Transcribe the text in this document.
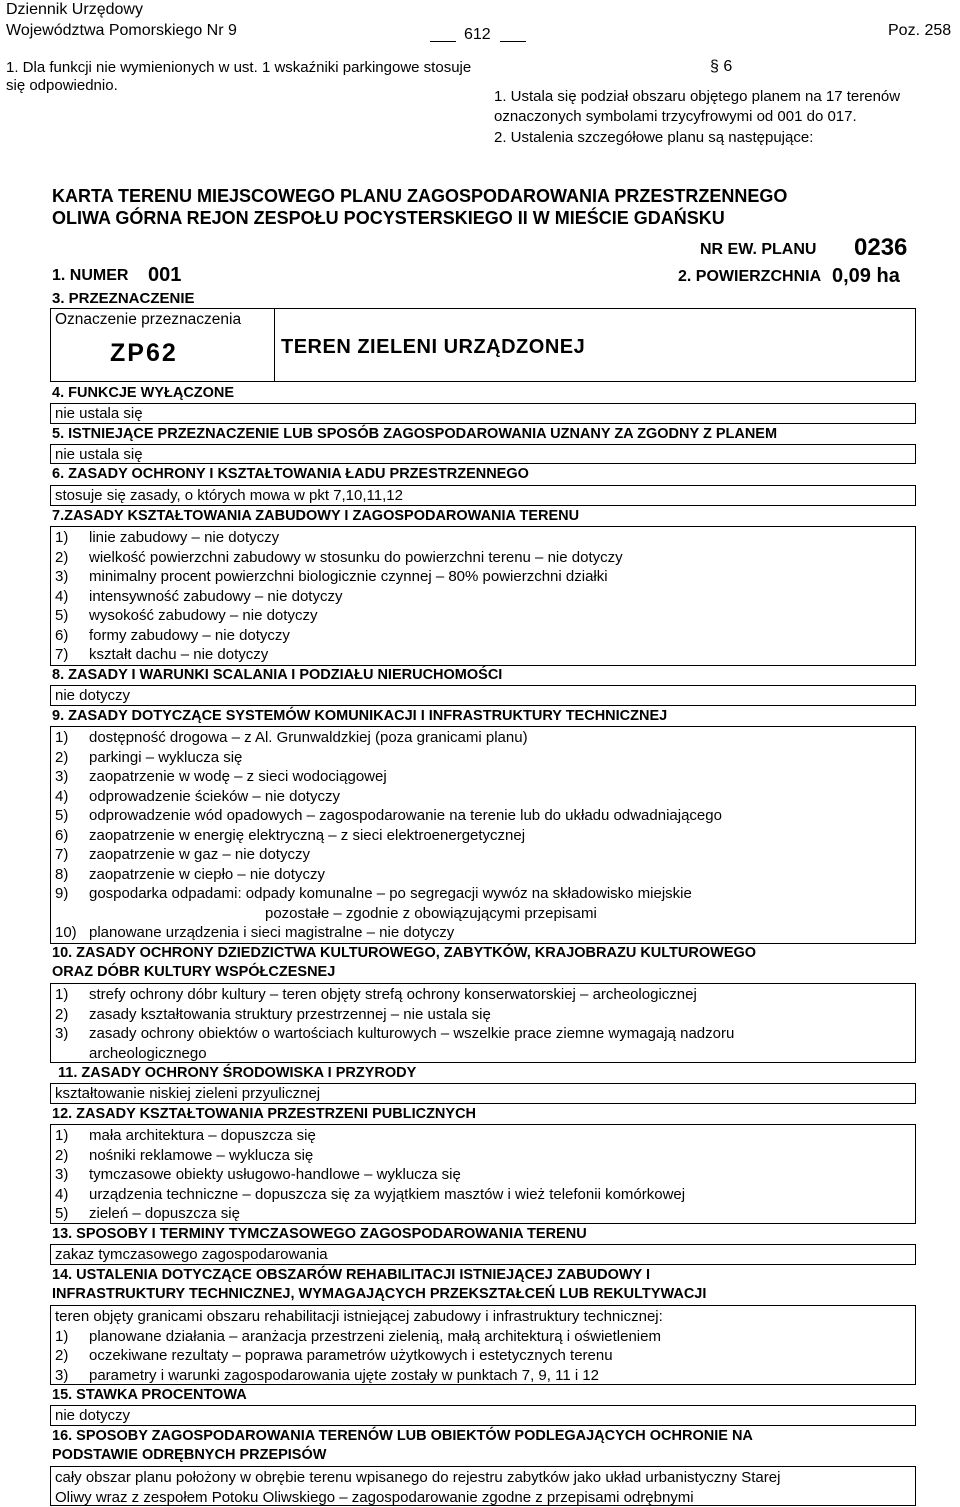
Dziennik Urzędowy
Województwa Pomorskiego Nr 9	612	Poz. 258
1. Dla funkcji nie wymienionych w ust. 1 wskaźniki parkingowe stosuje się odpowiednio.
§ 6
1. Ustala się podział obszaru objętego planem na 17 terenów oznaczonych symbolami trzycyfrowymi od 001 do 017.
2. Ustalenia szczegółowe planu są następujące:
KARTA TERENU MIEJSCOWEGO PLANU ZAGOSPODAROWANIA PRZESTRZENNEGO
OLIWA GÓRNA REJON ZESPOŁU POCYSTERSKIEGO II W MIEŚCIE GDAŃSKU
NR EW. PLANU 0236
1. NUMER 001	2. POWIERZCHNIA 0,09 ha
3. PRZEZNACZENIE
Oznaczenie przeznaczenia
ZP62	TEREN ZIELENI URZĄDZONEJ
4. FUNKCJE WYŁĄCZONE
nie ustala się
5. ISTNIEJĄCE PRZEZNACZENIE LUB SPOSÓB ZAGOSPODAROWANIA UZNANY ZA ZGODNY Z PLANEM
nie ustala się
6. ZASADY OCHRONY I KSZTAŁTOWANIA ŁADU PRZESTRZENNEGO
stosuje się zasady, o których mowa w pkt 7,10,11,12
7.ZASADY KSZTAŁTOWANIA ZABUDOWY I ZAGOSPODAROWANIA TERENU
1) linie zabudowy – nie dotyczy
2) wielkość powierzchni zabudowy w stosunku do powierzchni terenu – nie dotyczy
3) minimalny procent powierzchni biologicznie czynnej – 80% powierzchni działki
4) intensywność zabudowy – nie dotyczy
5) wysokość zabudowy – nie dotyczy
6) formy zabudowy – nie dotyczy
7) kształt dachu – nie dotyczy
8. ZASADY I WARUNKI SCALANIA I PODZIAŁU NIERUCHOMOŚCI
nie dotyczy
9. ZASADY DOTYCZĄCE SYSTEMÓW KOMUNIKACJI I INFRASTRUKTURY TECHNICZNEJ
1) dostępność drogowa – z Al. Grunwaldzkiej (poza granicami planu)
2) parkingi – wyklucza się
3) zaopatrzenie w wodę – z sieci wodociągowej
4) odprowadzenie ścieków – nie dotyczy
5) odprowadzenie wód opadowych – zagospodarowanie na terenie lub do układu odwadniającego
6) zaopatrzenie w energię elektryczną – z sieci elektroenergetycznej
7) zaopatrzenie w gaz – nie dotyczy
8) zaopatrzenie w ciepło – nie dotyczy
9) gospodarka odpadami: odpady komunalne – po segregacji wywóz na składowisko miejskie
pozostałe – zgodnie z obowiązującymi przepisami
10) planowane urządzenia i sieci magistralne – nie dotyczy
10. ZASADY OCHRONY DZIEDZICTWA KULTUROWEGO, ZABYTKÓW, KRAJOBRAZU KULTUROWEGO
ORAZ DÓBR KULTURY WSPÓŁCZESNEJ
1) strefy ochrony dóbr kultury – teren objęty strefą ochrony konserwatorskiej – archeologicznej
2) zasady kształtowania struktury przestrzennej – nie ustala się
3) zasady ochrony obiektów o wartościach kulturowych – wszelkie prace ziemne wymagają nadzoru
archeologicznego
11. ZASADY OCHRONY ŚRODOWISKA I PRZYRODY
kształtowanie niskiej zieleni przyulicznej
12. ZASADY KSZTAŁTOWANIA PRZESTRZENI PUBLICZNYCH
1) mała architektura – dopuszcza się
2) nośniki reklamowe – wyklucza się
3) tymczasowe obiekty usługowo-handlowe – wyklucza się
4) urządzenia techniczne – dopuszcza się za wyjątkiem masztów i wież telefonii komórkowej
5) zieleń – dopuszcza się
13. SPOSOBY I TERMINY TYMCZASOWEGO ZAGOSPODAROWANIA TERENU
zakaz tymczasowego zagospodarowania
14. USTALENIA DOTYCZĄCE OBSZARÓW REHABILITACJI ISTNIEJĄCEJ ZABUDOWY I
INFRASTRUKTURY TECHNICZNEJ, WYMAGAJĄCYCH PRZEKSZTAŁCEŃ LUB REKULTYWACJI
teren objęty granicami obszaru rehabilitacji istniejącej zabudowy i infrastruktury technicznej:
1) planowane działania – aranżacja przestrzeni zielenią, małą architekturą i oświetleniem
2) oczekiwane rezultaty – poprawa parametrów użytkowych i estetycznych terenu
3) parametry i warunki zagospodarowania ujęte zostały w punktach 7, 9, 11 i 12
15. STAWKA PROCENTOWA
nie dotyczy
16. SPOSOBY ZAGOSPODAROWANIA TERENÓW LUB OBIEKTÓW PODLEGAJĄCYCH OCHRONIE NA
PODSTAWIE ODRĘBNYCH PRZEPISÓW
cały obszar planu położony w obrębie terenu wpisanego do rejestru zabytków jako układ urbanistyczny Starej
Oliwy wraz z zespołem Potoku Oliwskiego – zagospodarowanie zgodne z przepisami odrębnymi
